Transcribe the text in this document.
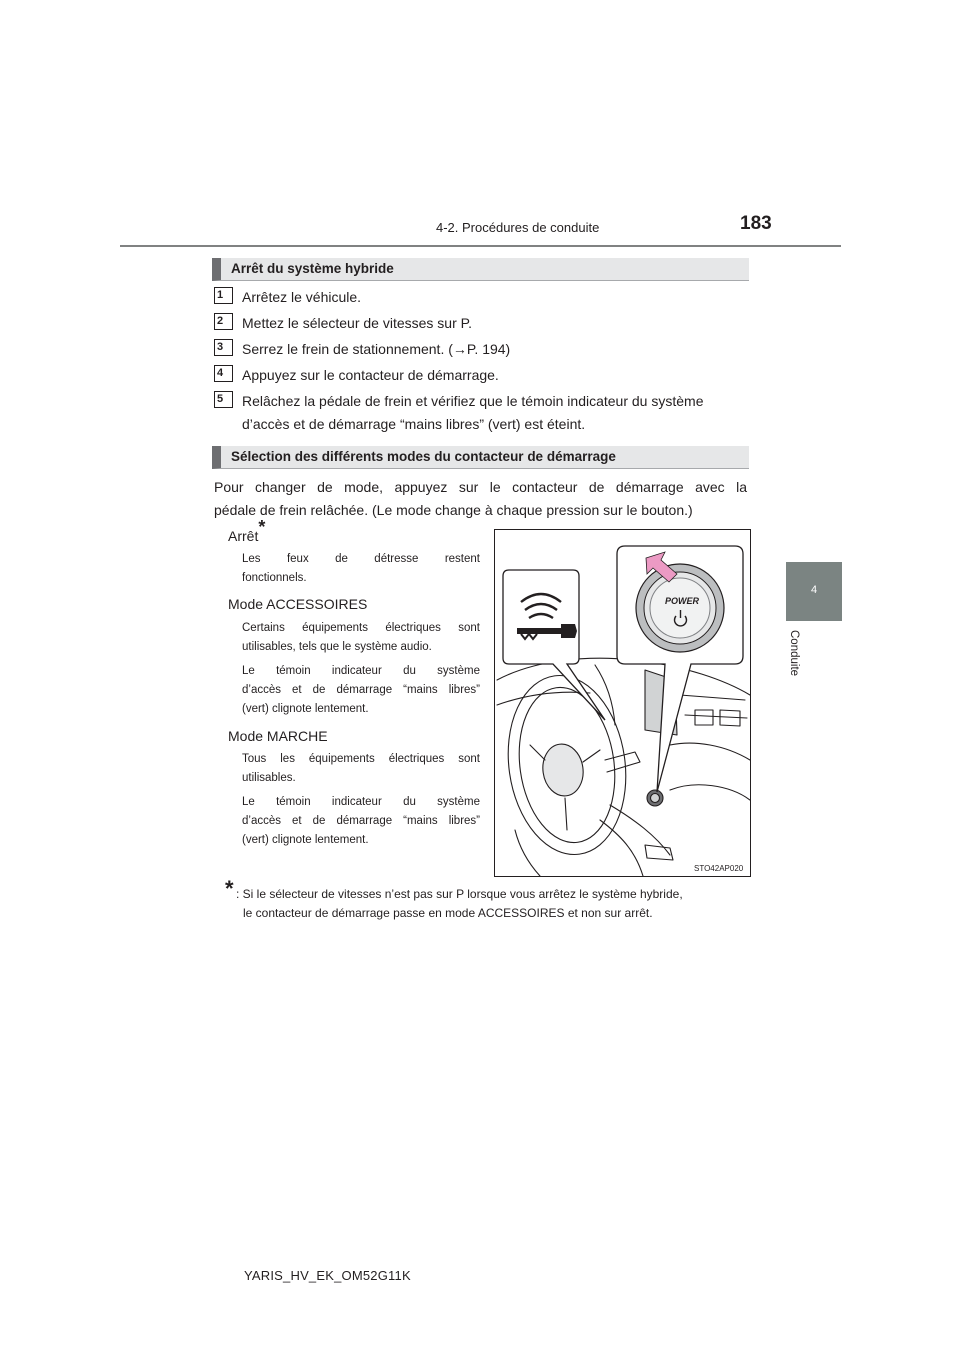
4-2. Procédures de conduite	183
4
Conduite
Arrêt du système hybride
1	Arrêtez le véhicule.
2	Mettez le sélecteur de vitesses sur P.
3	Serrez le frein de stationnement. (→P. 194)
4	Appuyez sur le contacteur de démarrage.
5	Relâchez la pédale de frein et vérifiez que le témoin indicateur du système
d’accès et de démarrage “mains libres” (vert) est éteint.
Sélection des différents modes du contacteur de démarrage
Pour changer de mode, appuyez sur le contacteur de démarrage avec la
pédale de frein relâchée. (Le mode change à chaque pression sur le bouton.)
Arrêt*
Les feux de détresse restent
fonctionnels.
Mode ACCESSOIRES
Certains équipements électriques sont
utilisables, tels que le système audio.
Le témoin indicateur du système
d’accès et de démarrage “mains libres”
(vert) clignote lentement.
Mode MARCHE
Tous les équipements électriques sont
utilisables.
Le témoin indicateur du système
d’accès et de démarrage “mains libres”
(vert) clignote lentement.
POWER
STO42AP020
* : Si le sélecteur de vitesses n’est pas sur P lorsque vous arrêtez le système hybride,
le contacteur de démarrage passe en mode ACCESSOIRES et non sur arrêt.
YARIS_HV_EK_OM52G11K
